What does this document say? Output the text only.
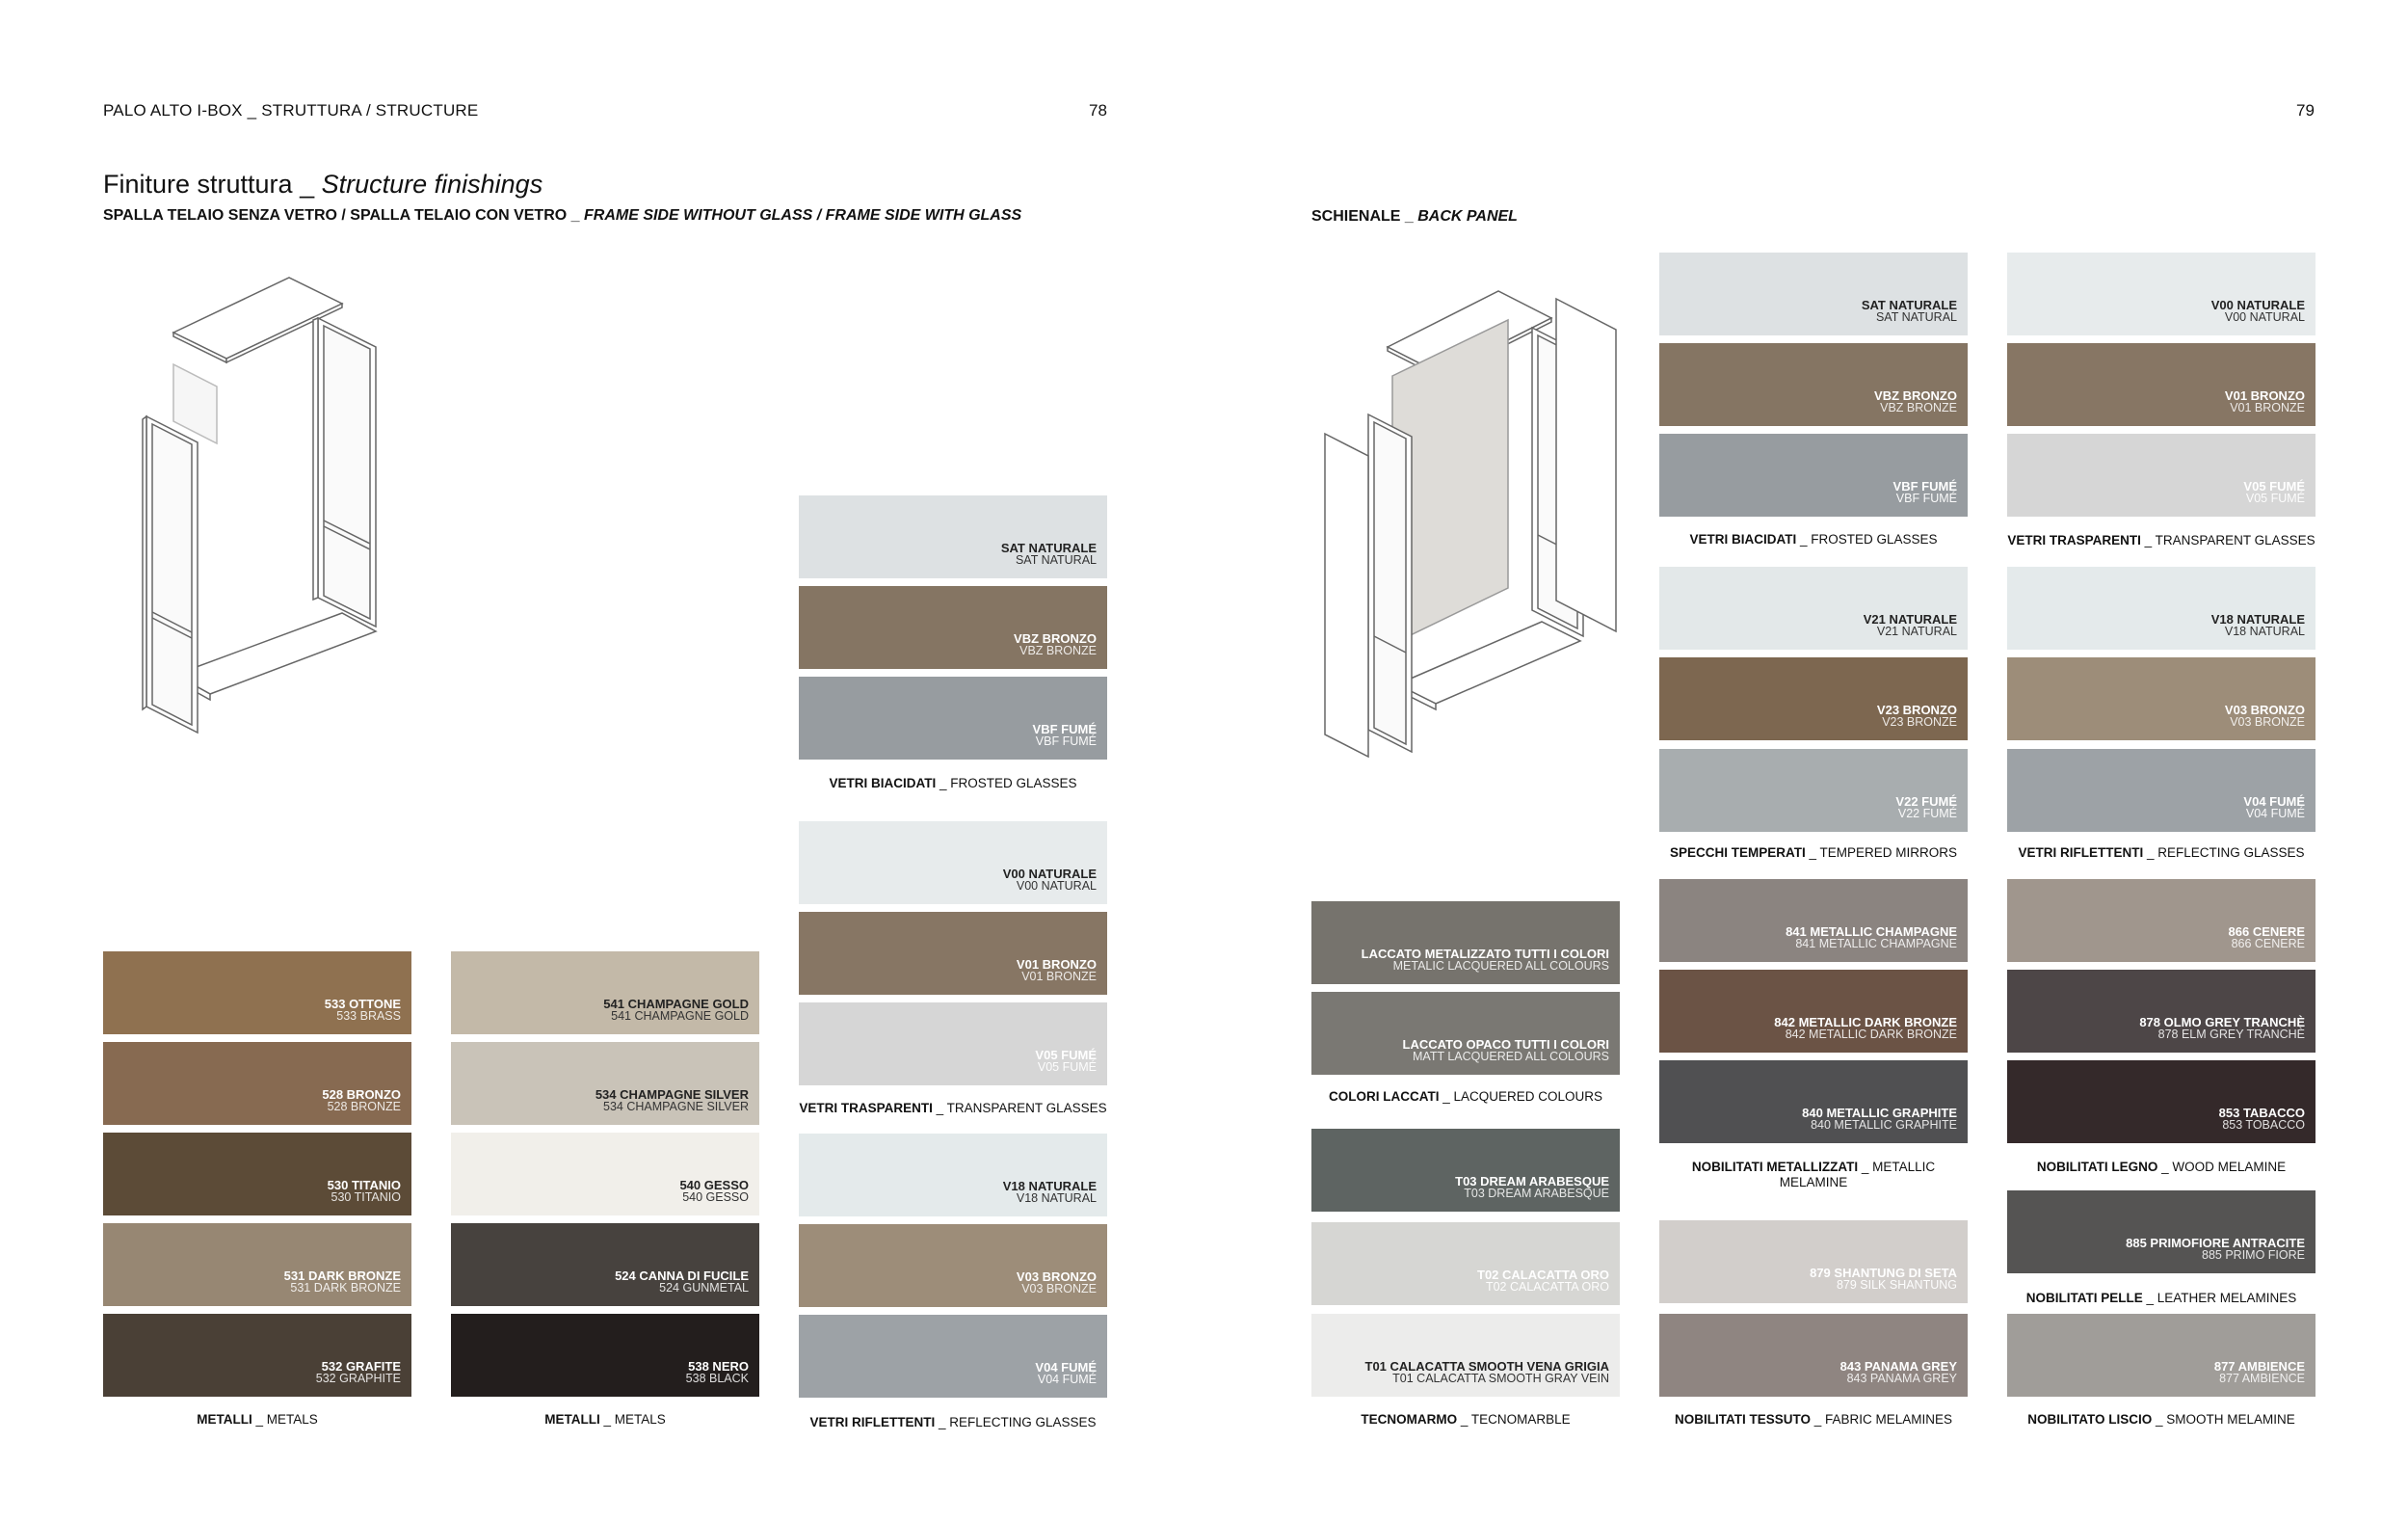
PALO ALTO I-BOX _ STRUTTURA / STRUCTURE	78	79
Finiture struttura _ Structure finishings
SPALLA TELAIO SENZA VETRO / SPALLA TELAIO CON VETRO _ FRAME SIDE WITHOUT GLASS / FRAME SIDE WITH GLASS	SCHIENALE _ BACK PANEL
533 OTTONE
533 BRASS
528 BRONZO
528 BRONZE
530 TITANIO
530 TITANIO
531 DARK BRONZE
531 DARK BRONZE
532 GRAFITE
532 GRAPHITE
METALLI _ METALS
541 CHAMPAGNE GOLD
541 CHAMPAGNE GOLD
534 CHAMPAGNE SILVER
534 CHAMPAGNE SILVER
540 GESSO
540 GESSO
524 CANNA DI FUCILE
524 GUNMETAL
538 NERO
538 BLACK
METALLI _ METALS
SAT NATURALE
SAT NATURAL
VBZ BRONZO
VBZ BRONZE
VBF FUMÉ
VBF FUMÉ
VETRI BIACIDATI _ FROSTED GLASSES
V00 NATURALE
V00 NATURAL
V01 BRONZO
V01 BRONZE
V05 FUMÉ
V05 FUMÉ
VETRI TRASPARENTI _ TRANSPARENT GLASSES
V18 NATURALE
V18 NATURAL
V03 BRONZO
V03 BRONZE
V04 FUMÉ
V04 FUMÉ
VETRI RIFLETTENTI _ REFLECTING GLASSES
LACCATO METALIZZATO TUTTI I COLORI
METALIC LACQUERED ALL COLOURS
LACCATO OPACO TUTTI I COLORI
MATT LACQUERED ALL COLOURS
COLORI LACCATI _ LACQUERED COLOURS
T03 DREAM ARABESQUE
T03 DREAM ARABESQUE
T02 CALACATTA ORO
T02 CALACATTA ORO
T01 CALACATTA SMOOTH VENA GRIGIA
T01 CALACATTA SMOOTH GRAY VEIN
TECNOMARMO _ TECNOMARBLE
SAT NATURALE
SAT NATURAL
VBZ BRONZO
VBZ BRONZE
VBF FUMÉ
VBF FUMÉ
VETRI BIACIDATI _ FROSTED GLASSES
V21 NATURALE
V21 NATURAL
V23 BRONZO
V23 BRONZE
V22 FUMÉ
V22 FUMÉ
SPECCHI TEMPERATI _ TEMPERED MIRRORS
841 METALLIC CHAMPAGNE
841 METALLIC CHAMPAGNE
842 METALLIC DARK BRONZE
842 METALLIC DARK BRONZE
840 METALLIC GRAPHITE
840 METALLIC GRAPHITE
NOBILITATI METALLIZZATI _ METALLIC MELAMINE
879 SHANTUNG DI SETA
879 SILK SHANTUNG
843 PANAMA GREY
843 PANAMA GREY
NOBILITATI TESSUTO _ FABRIC MELAMINES
V00 NATURALE
V00 NATURAL
V01 BRONZO
V01 BRONZE
V05 FUMÉ
V05 FUMÉ
VETRI TRASPARENTI _ TRANSPARENT GLASSES
V18 NATURALE
V18 NATURAL
V03 BRONZO
V03 BRONZE
V04 FUMÉ
V04 FUMÉ
VETRI RIFLETTENTI _ REFLECTING GLASSES
866 CENERE
866 CENERE
878 OLMO GREY TRANCHÈ
878 ELM GREY TRANCHÈ
853 TABACCO
853 TOBACCO
NOBILITATI LEGNO _ WOOD MELAMINE
885 PRIMOFIORE ANTRACITE
885 PRIMO FIORE
NOBILITATI PELLE _ LEATHER MELAMINES
877 AMBIENCE
877 AMBIENCE
NOBILITATO LISCIO _ SMOOTH MELAMINE
